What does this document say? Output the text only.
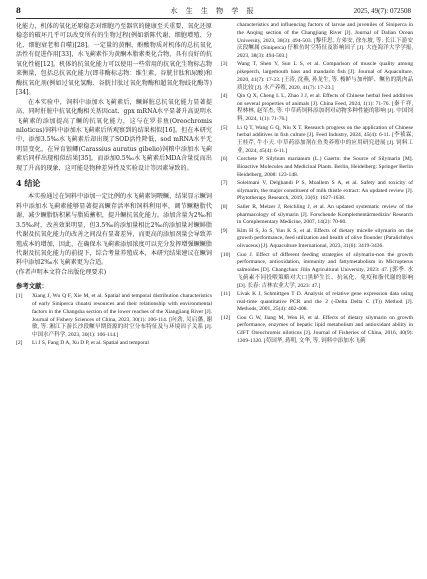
8	水 生 生 物 学 报	2025, 49(7): 072508

化能力，机体的氧化还原稳态对细胞乃至器官的健康至关重要，氧化还原稳态的破坏几乎可以改变所有的生物过程(例如新陈代谢、细胞增殖、分化、细胞衰老和自噬)[28]。一定量的黄酮、酚酸物质对机体的总抗氧化活性有促进作用[33]，水飞蓟素作为黄酮木脂素类化合物，具有良好的抗氧化性能[12]。机体的抗氧化能力可以使用一些常用的抗氧化生物标志物来衡量，包括总抗氧化能力(即非酶标志物：维生素、谷胱甘肽和尿酸)和酶抗氧化剂(例如过氧化氢酶、谷胱甘肽过氧化物酶和超氧化物歧化酶等)[34]。

在本实验中，饲料中添加水飞蓟素后，鳜鲜脏总抗氧化能力显著提高，同时肝脏中抗氧化酶相关基因cat、gpx mRNA水平显著升高说明水飞蓟素的添加提高了鳜的抗氧化能力，这与在罗非鱼(Oreochromis niloticus)饲料中添加水飞蓟素后所观察到的结果相似[16]。但在本研究中，添加3.5‰水飞蓟素后却出现了SOD活性降低、sod mRNA水平无明显变化，在异育银鲫(Carassius auratus gibelio)饲粮中添加水飞蓟素后同样出现相似结果[35]。而添加0.5‰水飞蓟素后MDA含量反而出现了升高的现象，这可能是物种差异性及实验设计等因素导致的。

4 结论

本实验通过在饲料中添加一定比例的水飞蓟素饲喂鳜，结果显示鳜饲料中添加水飞蓟素能够显著提高鳜存活率和饲料利用率，调节鳜糖脂代谢，减少鳜脂肪积累与脂质蓄积，提升鳜抗氧化能力。添加含量为2‰和3.5‰时，改善效果明显，但3.5‰的添加量相比2‰的添加量对鳜鲜脂代谢及抗氧化能力的改善之间没有显著差异，而更高的添加剂量会导致养殖成本的增加，因此，在确保水飞蓟素添加浓度可以充分发挥增强鳜鳜脂代谢及抗氧化能力的前提下，综合考量养殖成本，本研究结果建议在鳜饲料中添加2‰水飞蓟素更为合适。

(作者声明本文符合出版伦理要求)

参考文献：
[1] Xiang J, Wu Q F, Xie M, et al. Spatial and temporal distribution characteristics of early Siniperca chuatsi resources and their relationship with environmental factors in the Changsha section of the lower reaches of the Xiangjiang River [J]. Journal of Fishery Sciences of China, 2023, 30(1): 106-114. [向劲, 吴启藩, 谢敏, 等. 湘江下游长沙段鳜早期资源的时空分布特征及与环境因子关系 [J]. 中国水产科学, 2023, 30(1): 106-114.]
[2] Li J S, Fang D A, Xu D P, et al. Spatial and temporal
characteristics and influencing factors of larvae and juveniles of Siniperca in the Anqing section of the Changjiang River [J]. Journal of Dalian Ocean University, 2023, 38(3): 494-503. [黎佳思, 方弟安, 徐东坡, 等. 长江下游安庆段鳜属 (Siniperca) 仔稚鱼时空特征及影响因子 [J]. 大连海洋大学学报, 2023, 38(3): 494-503.]
[3] Wang T, Shen Y, Sun L S, et al. Comparison of muscle quality among pikeperch, largemouth bass and mandarin fish [J]. Journal of Aquaculture, 2020, 41(7): 17-23. [王涛, 沈燕, 孙龙生, 等. 梭鲈与加州鲈、鳜鱼的肌肉品质比较 [J]. 水产养殖, 2020, 41(7): 17-23.]
[4] Qin Q X, Cheng L L, Zhao J J, et al. Effects of Chinese herbal feed additives on several properties of animals [J]. China Feed, 2024, 1(1): 71-76. [秦千祥, 程林林, 赵军杰, 等. 中草药饲料添加剂对动物多种性能的影响 [J]. 中国饲料, 2024, 1(1): 71-76.]
[5] Li Q T, Wang G Q, Niu X T. Research progress on the application of Chinese herbal additives in fish culture [J]. Feed Industry, 2024, 45(4): 6-11. [李祯霖, 王桂芹, 牛小天. 中草药添加剂在鱼类养殖中的应用研究进展 [J]. 饲料工业, 2024, 45(4): 6-11.]
[6] Corchete P. Silybum marianum (L.) Gaertn: the Source of Silymarin [M]. Bioactive Molecules and Medicinal Plants. Berlin, Heidelberg: Springer Berlin Heidelberg, 2008: 123-148.
[7] Soleimani V, Delghandi P S, Moallem S A, et al. Safety and toxicity of silymarin, the major constituent of milk thistle extract: An updated review [J]. Phytotherapy Research, 2019, 33(6): 1627-1638.
[8] Saller R, Melzer J, Reichling J, et al. An updated systematic review of the pharmacology of silymarin [J]. Forschende Komplementärmedizin/ Research in Complementary Medicine, 2007, 14(2): 70-80.
[9] Kim H S, Jo S, Yun K S, et al. Effects of dietary micelle silymarin on the growth performance, feed utilization and health of olive flounder (Paralichthys olivaceus) [J]. Aquaculture International, 2023, 31(6): 3419-3436.
[10] Guo J. Effect of different feeding strategies of silymarin-non the growth performance, antioxidation, immunity and fattymetabolism in Micropterus salmoides [D]. Changchun: Jilin Agricultural University, 2023: 47. [郭季. 水飞蓟素不同投喂策略对大口黑鲈生长、抗氧化、免疫和脂代谢的影响 [D]. 长春: 吉林农业大学, 2023: 47.]
[11] Livak K J, Schmittgen T D. Analysis of relative gene expression data using real-time quantitative PCR and the 2 (-Delta Delta C (T)) Method [J]. Methods, 2001, 25(4): 402-408.
[12] Gou G W, Jiang M, Wen H, et al. Effects of dietary silymarin on growth performance, enzymes of hepatic lipid metabolism and antioxidant ability in GIFT Oreochromis niloticus [J]. Journal of Fisheries of China, 2016, 40(9): 1309-1320. [苟国华, 蒋明, 文华, 等. 饲料中添加水飞蓟
